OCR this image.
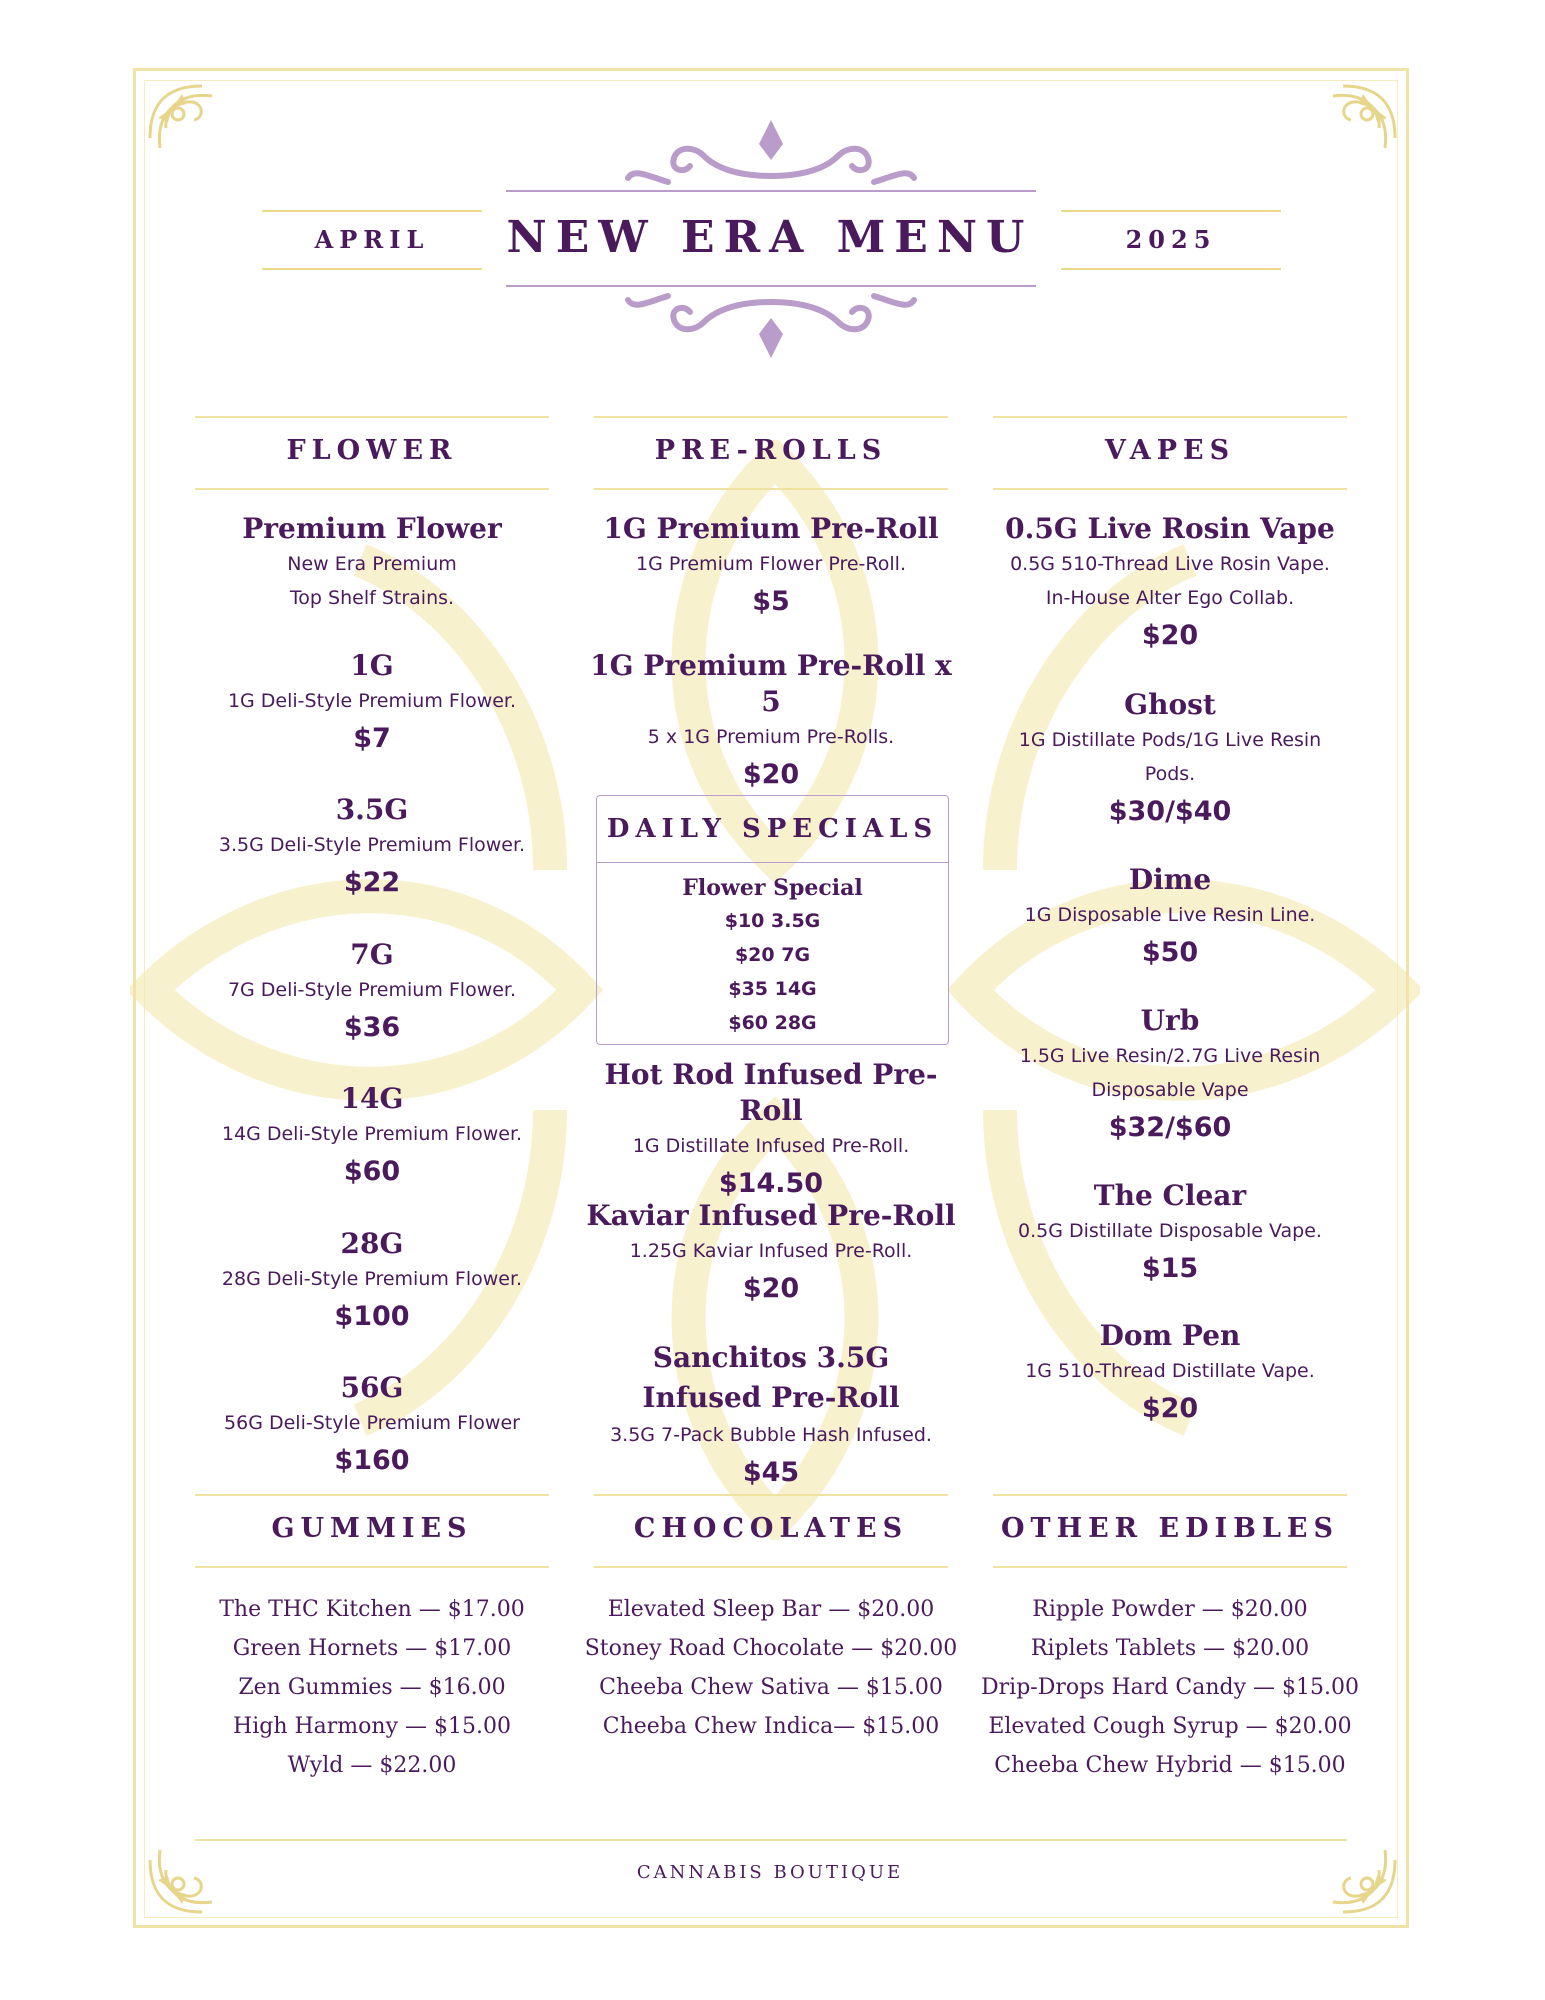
APRIL	2025
NEW ERA MENU
FLOWER	PRE-ROLLS	VAPES
Premium Flower
New Era Premium
Top Shelf Strains.
1G
1G Deli-Style Premium Flower.
$7
3.5G
3.5G Deli-Style Premium Flower.
$22
7G
7G Deli-Style Premium Flower.
$36
14G
14G Deli-Style Premium Flower.
$60
28G
28G Deli-Style Premium Flower.
$100
56G
56G Deli-Style Premium Flower
$160
1G Premium Pre-Roll
1G Premium Flower Pre-Roll.
$5
1G Premium Pre-Roll x 5
5 x 1G Premium Pre-Rolls.
$20
DAILY SPECIALS
Flower Special
$10 3.5G
$20 7G
$35 14G
$60 28G
Hot Rod Infused Pre-Roll
1G Distillate Infused Pre-Roll.
$14.50
Kaviar Infused Pre-Roll
1.25G Kaviar Infused Pre-Roll.
$20
Sanchitos 3.5G Infused Pre-Roll
3.5G 7-Pack Bubble Hash Infused.
$45
0.5G Live Rosin Vape
0.5G 510-Thread Live Rosin Vape.
In-House Alter Ego Collab.
$20
Ghost
1G Distillate Pods/1G Live Resin
Pods.
$30/$40
Dime
1G Disposable Live Resin Line.
$50
Urb
1.5G Live Resin/2.7G Live Resin
Disposable Vape
$32/$60
The Clear
0.5G Distillate Disposable Vape.
$15
Dom Pen
1G 510-Thread Distillate Vape.
$20
GUMMIES	CHOCOLATES	OTHER EDIBLES
The THC Kitchen — $17.00
Green Hornets — $17.00
Zen Gummies — $16.00
High Harmony — $15.00
Wyld — $22.00
Elevated Sleep Bar — $20.00
Stoney Road Chocolate — $20.00
Cheeba Chew Sativa — $15.00
Cheeba Chew Indica— $15.00
Ripple Powder — $20.00
Riplets Tablets — $20.00
Drip-Drops Hard Candy — $15.00
Elevated Cough Syrup — $20.00
Cheeba Chew Hybrid — $15.00
CANNABIS BOUTIQUE
